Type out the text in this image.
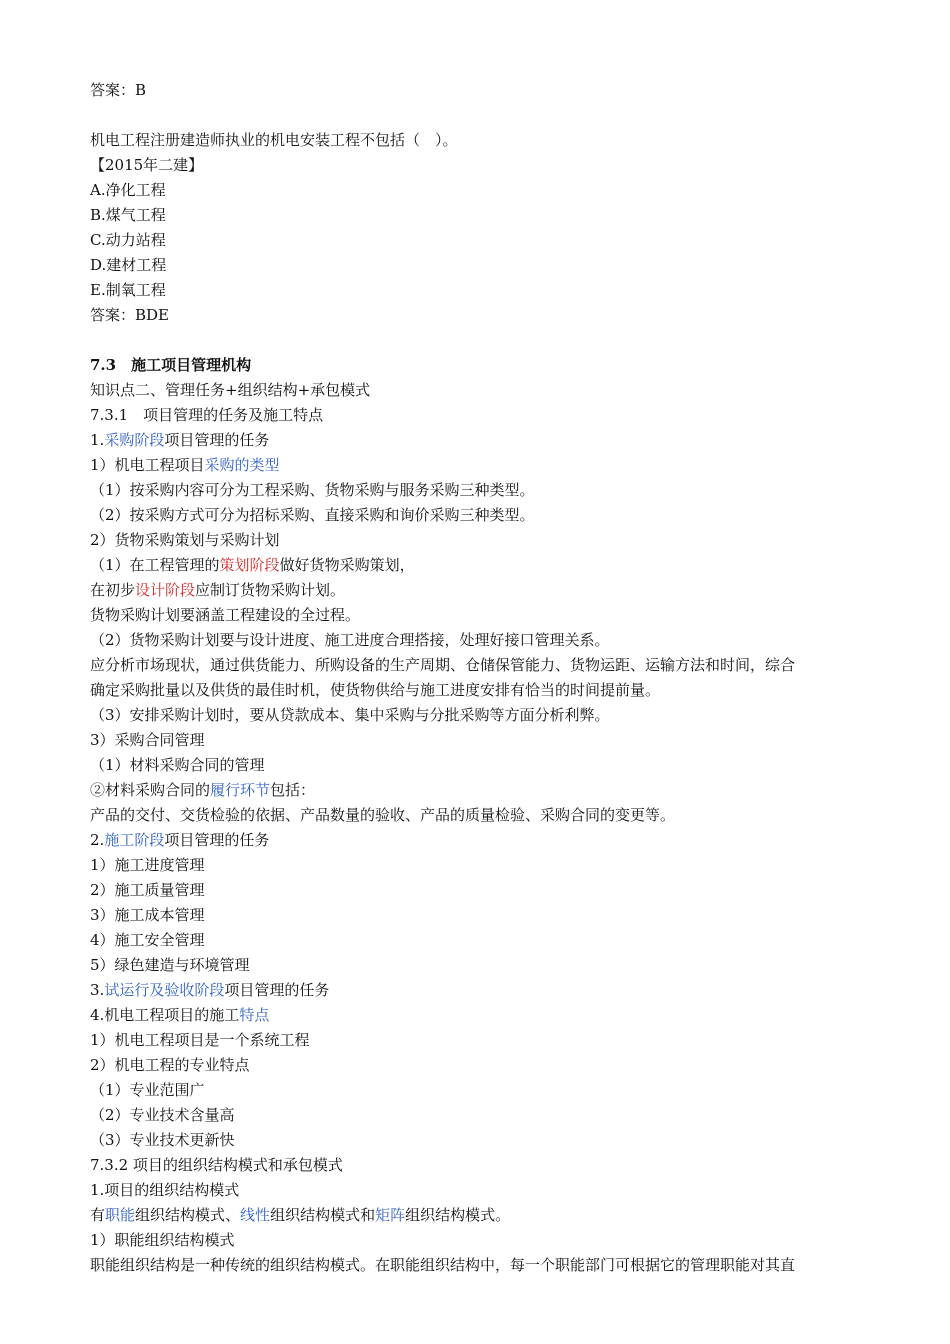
答案：B
机电工程注册建造师执业的机电安装工程不包括（　）。
【2015年二建】
A.净化工程
B.煤气工程
C.动力站程
D.建材工程
E.制氧工程
答案：BDE
7.3　施工项目管理机构
知识点二、管理任务+组织结构+承包模式
7.3.1　项目管理的任务及施工特点
1.采购阶段项目管理的任务
1）机电工程项目采购的类型
（1）按采购内容可分为工程采购、货物采购与服务采购三种类型。
（2）按采购方式可分为招标采购、直接采购和询价采购三种类型。
2）货物采购策划与采购计划
（1）在工程管理的策划阶段做好货物采购策划，
在初步设计阶段应制订货物采购计划。
货物采购计划要涵盖工程建设的全过程。
（2）货物采购计划要与设计进度、施工进度合理搭接，处理好接口管理关系。
应分析市场现状，通过供货能力、所购设备的生产周期、仓储保管能力、货物运距、运输方法和时间，综合
确定采购批量以及供货的最佳时机，使货物供给与施工进度安排有恰当的时间提前量。
（3）安排采购计划时，要从贷款成本、集中采购与分批采购等方面分析利弊。
3）采购合同管理
（1）材料采购合同的管理
②材料采购合同的履行环节包括：
产品的交付、交货检验的依据、产品数量的验收、产品的质量检验、采购合同的变更等。
2.施工阶段项目管理的任务
1）施工进度管理
2）施工质量管理
3）施工成本管理
4）施工安全管理
5）绿色建造与环境管理
3.试运行及验收阶段项目管理的任务
4.机电工程项目的施工特点
1）机电工程项目是一个系统工程
2）机电工程的专业特点
（1）专业范围广
（2）专业技术含量高
（3）专业技术更新快
7.3.2 项目的组织结构模式和承包模式
1.项目的组织结构模式
有职能组织结构模式、线性组织结构模式和矩阵组织结构模式。
1）职能组织结构模式
职能组织结构是一种传统的组织结构模式。在职能组织结构中，每一个职能部门可根据它的管理职能对其直
